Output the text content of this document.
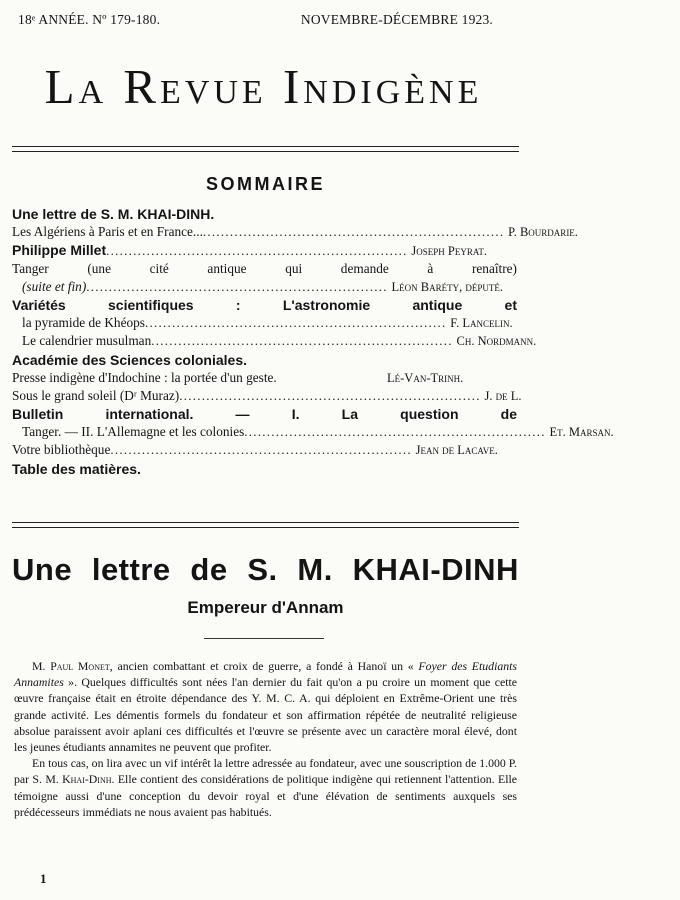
18ᵉ ANNÉE. Nº 179-180.	NOVEMBRE-DÉCEMBRE 1923.
La Revue Indigène
SOMMAIRE
Une lettre de S. M. KHAI-DINH.
Les Algériens à Paris et en France... . . .	P. Bourdarie.
Philippe Millet . . .	Joseph Peyrat.
Tanger (une cité antique qui demande à renaître)
(suite et fin) . . .	Léon Baréty, député.
Variétés scientifiques : L'astronomie antique et
la pyramide de Khéops . . .	F. Lancelin.
Le calendrier musulman . . .	Ch. Nordmann.
Académie des Sciences coloniales.
Presse indigène d'Indochine : la portée d'un geste.	Lé-Van-Trinh.
Sous le grand soleil (Dʳ Muraz) . . .	J. de L.
Bulletin international. — I. La question de
Tanger. — II. L'Allemagne et les colonies . . .	Et. Marsan.
Votre bibliothèque . . .	Jean de Lacave.
Table des matières.
Une lettre de S. M. KHAI-DINH
Empereur d'Annam

M. Paul Monet, ancien combattant et croix de guerre, a fondé à Hanoï un « Foyer des Etudiants Annamites ». Quelques difficultés sont nées l'an dernier du fait qu'on a pu croire un moment que cette œuvre française était en étroite dépendance des Y. M. C. A. qui déploient en Extrême-Orient une très grande activité. Les démentis formels du fondateur et son affirmation répétée de neutralité religieuse absolue paraissent avoir aplani ces difficultés et l'œuvre se présente avec un caractère moral élevé, dont les jeunes étudiants annamites ne peuvent que profiter.

En tous cas, on lira avec un vif intérêt la lettre adressée au fondateur, avec une souscription de 1.000 P. par S. M. Khai-Dinh. Elle contient des considérations de politique indigène qui retiennent l'attention. Elle témoigne aussi d'une conception du devoir royal et d'une élévation de sentiments auxquels ses prédécesseurs immédiats ne nous avaient pas habitués.

1
